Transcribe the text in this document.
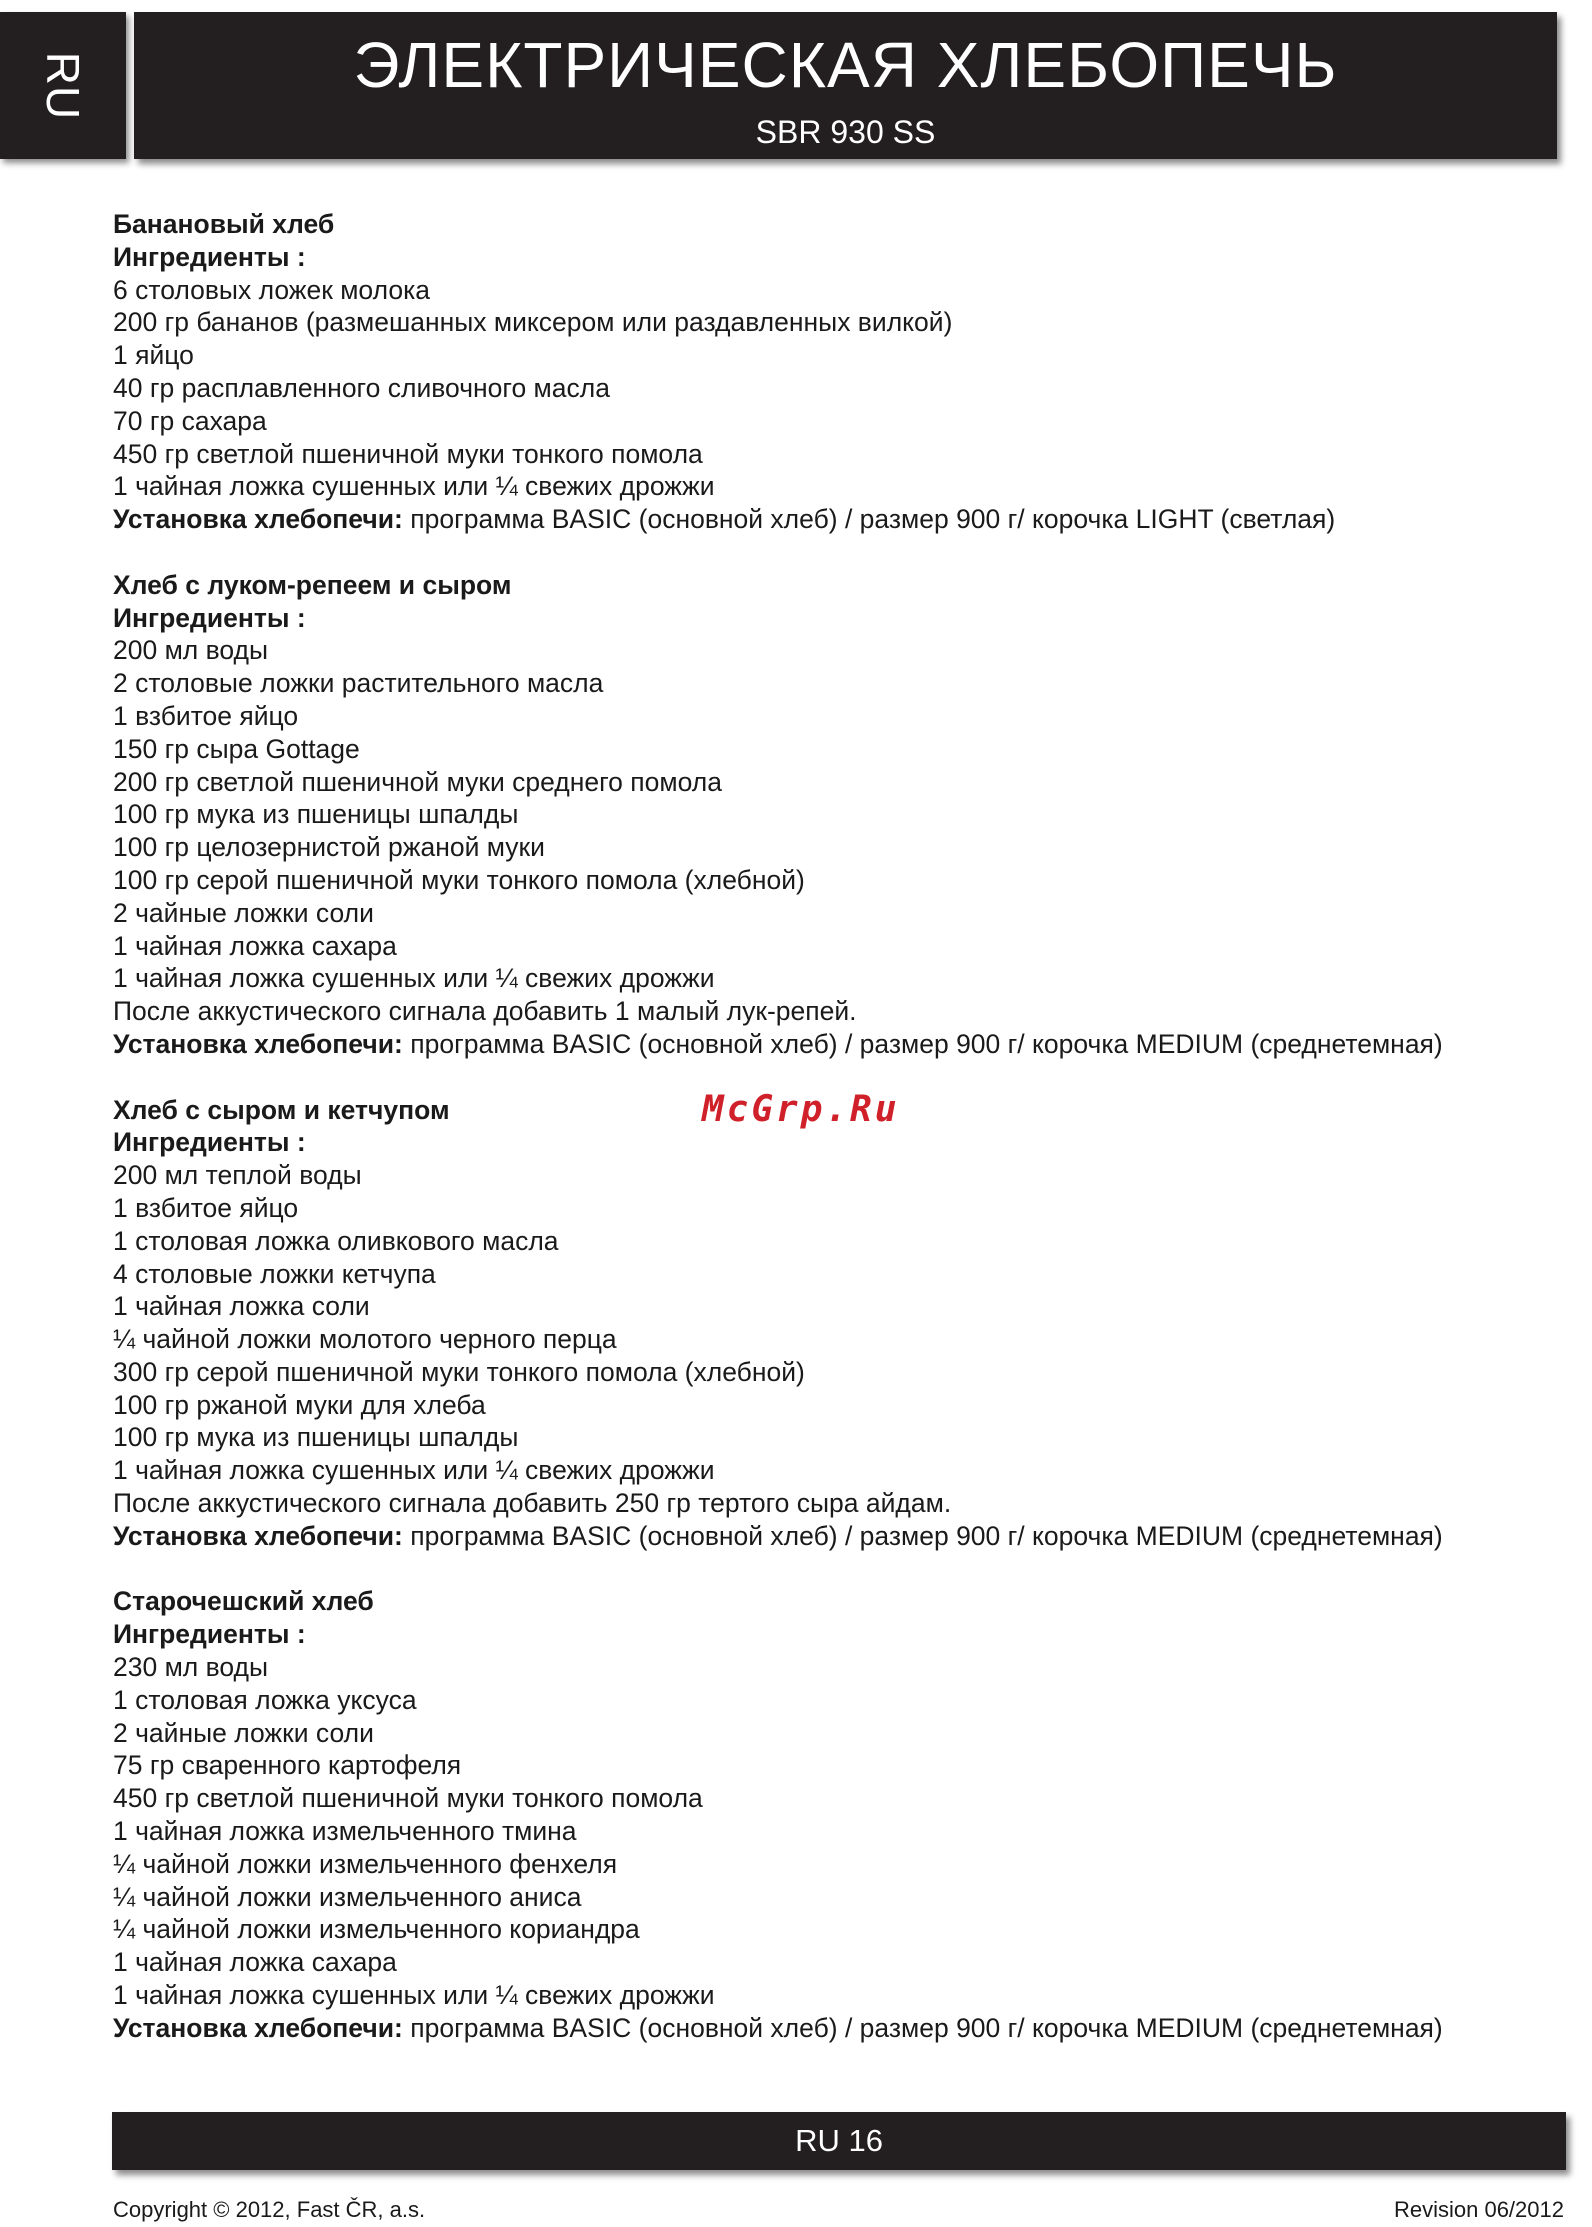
RU	ЭЛЕКТРИЧЕСКАЯ ХЛЕБОПЕЧЬ
SBR 930 SS
Банановый хлеб
Ингредиенты :
6 столовых ложек молока
200 гр бананов (размешанных миксером или раздавленных вилкой)
1 яйцо
40 гр расплавленного сливочного масла
70 гр сахара
450 гр светлой пшеничной муки тонкого помола
1 чайная ложка сушенных или ¼ свежих дрожжи
Установка хлебопечи: программа BASIC (основной хлеб) / размер 900 г/ корочка LIGHT (светлая)
Хлеб с луком-репеем и сыром
Ингредиенты :
200 мл воды
2 столовые ложки растительного масла
1 взбитое яйцо
150 гр сыра Gottage
200 гр светлой пшеничной муки среднего помола
100 гр мука из пшеницы шпалды
100 гр целозернистой ржаной муки
100 гр серой пшеничной муки тонкого помола (хлебной)
2 чайные ложки соли
1 чайная ложка сахара
1 чайная ложка сушенных или ¼ свежих дрожжи
После аккустического сигнала добавить 1 малый лук-репей.
Установка хлебопечи: программа BASIC (основной хлеб) / размер 900 г/ корочка MEDIUM (среднетемная)
Хлеб с сыром и кетчупом
Ингредиенты :
200 мл теплой воды
1 взбитое яйцо
1 столовая ложка оливкового масла
4 столовые ложки кетчупа
1 чайная ложка соли
¼ чайной ложки молотого черного перца
300 гр серой пшеничной муки тонкого помола (хлебной)
100 гр ржаной муки для хлеба
100 гр мука из пшеницы шпалды
1 чайная ложка сушенных или ¼ свежих дрожжи
После аккустического сигнала добавить 250 гр тертого сыра айдам.
Установка хлебопечи: программа BASIC (основной хлеб) / размер 900 г/ корочка MEDIUM (среднетемная)
Старочешский хлеб
Ингредиенты :
230 мл воды
1 столовая ложка уксуса
2 чайные ложки соли
75 гр сваренного картофеля
450 гр светлой пшеничной муки тонкого помола
1 чайная ложка измельченного тмина
¼ чайной ложки измельченного фенхеля
¼ чайной ложки измельченного аниса
¼ чайной ложки измельченного кориандра
1 чайная ложка сахара
1 чайная ложка сушенных или ¼ свежих дрожжи
Установка хлебопечи: программа BASIC (основной хлеб) / размер 900 г/ корочка MEDIUM (среднетемная)
McGrp.Ru
RU 16
Copyright © 2012, Fast ČR, a.s.	Revision 06/2012
